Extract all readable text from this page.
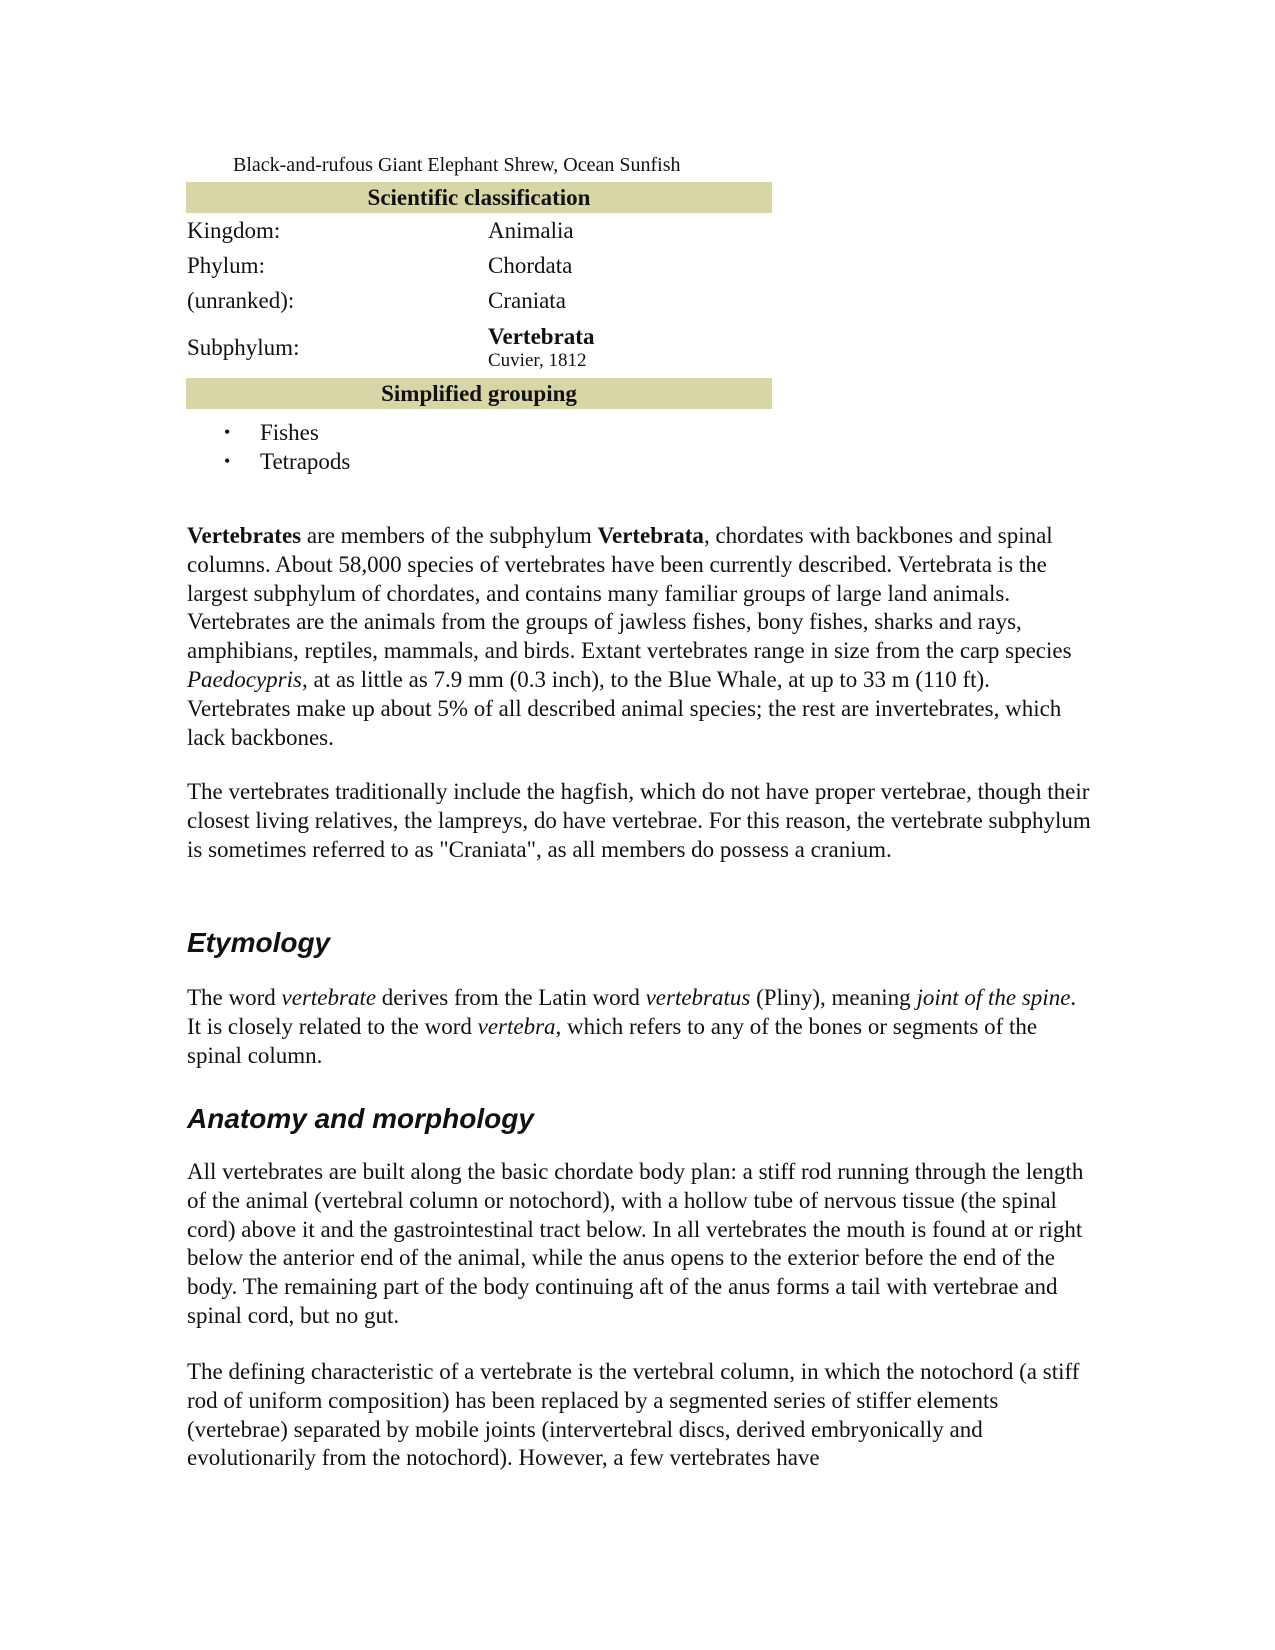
Black-and-rufous Giant Elephant Shrew, Ocean Sunfish
Scientific classification
Kingdom:	Animalia
Phylum:	Chordata
(unranked):	Craniata
Subphylum:	Vertebrata
Cuvier, 1812
Simplified grouping
•	Fishes
•	Tetrapods

Vertebrates are members of the subphylum Vertebrata, chordates with backbones and spinal columns. About 58,000 species of vertebrates have been currently described. Vertebrata is the largest subphylum of chordates, and contains many familiar groups of large land animals. Vertebrates are the animals from the groups of jawless fishes, bony fishes, sharks and rays, amphibians, reptiles, mammals, and birds. Extant vertebrates range in size from the carp species Paedocypris, at as little as 7.9 mm (0.3 inch), to the Blue Whale, at up to 33 m (110 ft). Vertebrates make up about 5% of all described animal species; the rest are invertebrates, which lack backbones.

The vertebrates traditionally include the hagfish, which do not have proper vertebrae, though their closest living relatives, the lampreys, do have vertebrae. For this reason, the vertebrate subphylum is sometimes referred to as "Craniata", as all members do possess a cranium.

Etymology

The word vertebrate derives from the Latin word vertebratus (Pliny), meaning joint of the spine. It is closely related to the word vertebra, which refers to any of the bones or segments of the spinal column.

Anatomy and morphology

All vertebrates are built along the basic chordate body plan: a stiff rod running through the length of the animal (vertebral column or notochord), with a hollow tube of nervous tissue (the spinal cord) above it and the gastrointestinal tract below. In all vertebrates the mouth is found at or right below the anterior end of the animal, while the anus opens to the exterior before the end of the body. The remaining part of the body continuing aft of the anus forms a tail with vertebrae and spinal cord, but no gut.

The defining characteristic of a vertebrate is the vertebral column, in which the notochord (a stiff rod of uniform composition) has been replaced by a segmented series of stiffer elements (vertebrae) separated by mobile joints (intervertebral discs, derived embryonically and evolutionarily from the notochord). However, a few vertebrates have
